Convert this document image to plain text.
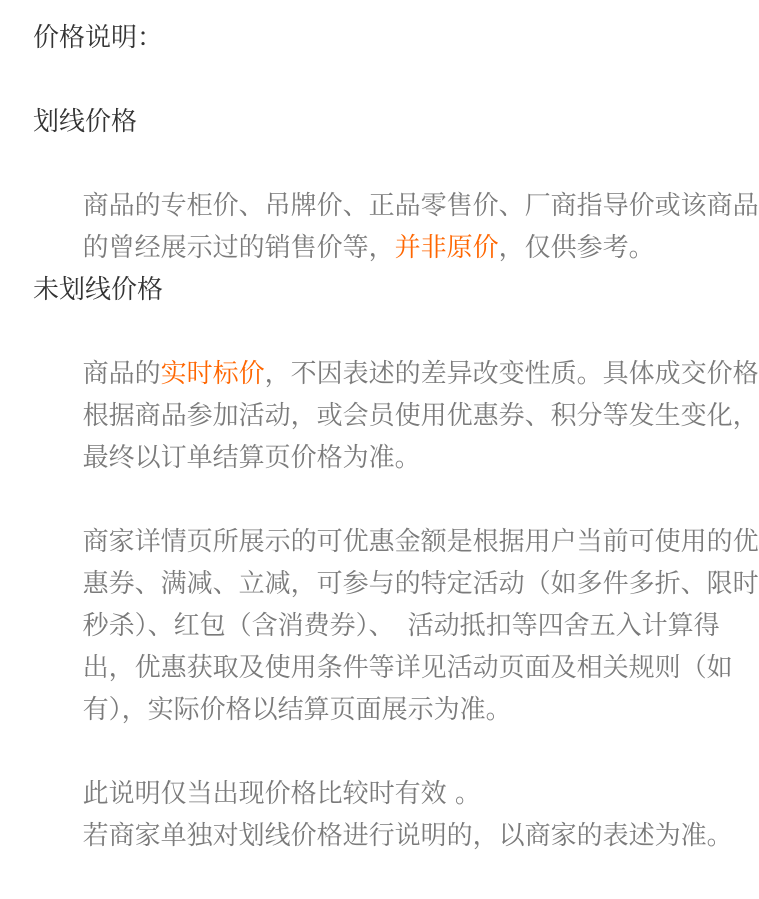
价格说明：
划线价格

商品的专柜价、吊牌价、正品零售价、厂商指导价或该商品

的曾经展示过的销售价等，并非原价，仅供参考。

未划线价格

商品的实时标价，不因表述的差异改变性质。具体成交价格

根据商品参加活动，或会员使用优惠券、积分等发生变化，

最终以订单结算页价格为准。

商家详情页所展示的可优惠金额是根据用户当前可使用的优

惠券、满减、立减，可参与的特定活动（如多件多折、限时

秒杀）、红包（含消费券）、　活动抵扣等四舍五入计算得

出，优惠获取及使用条件等详见活动页面及相关规则（如

有），实际价格以结算页面展示为准。

此说明仅当出现价格比较时有效 。

若商家单独对划线价格进行说明的，以商家的表述为准。
